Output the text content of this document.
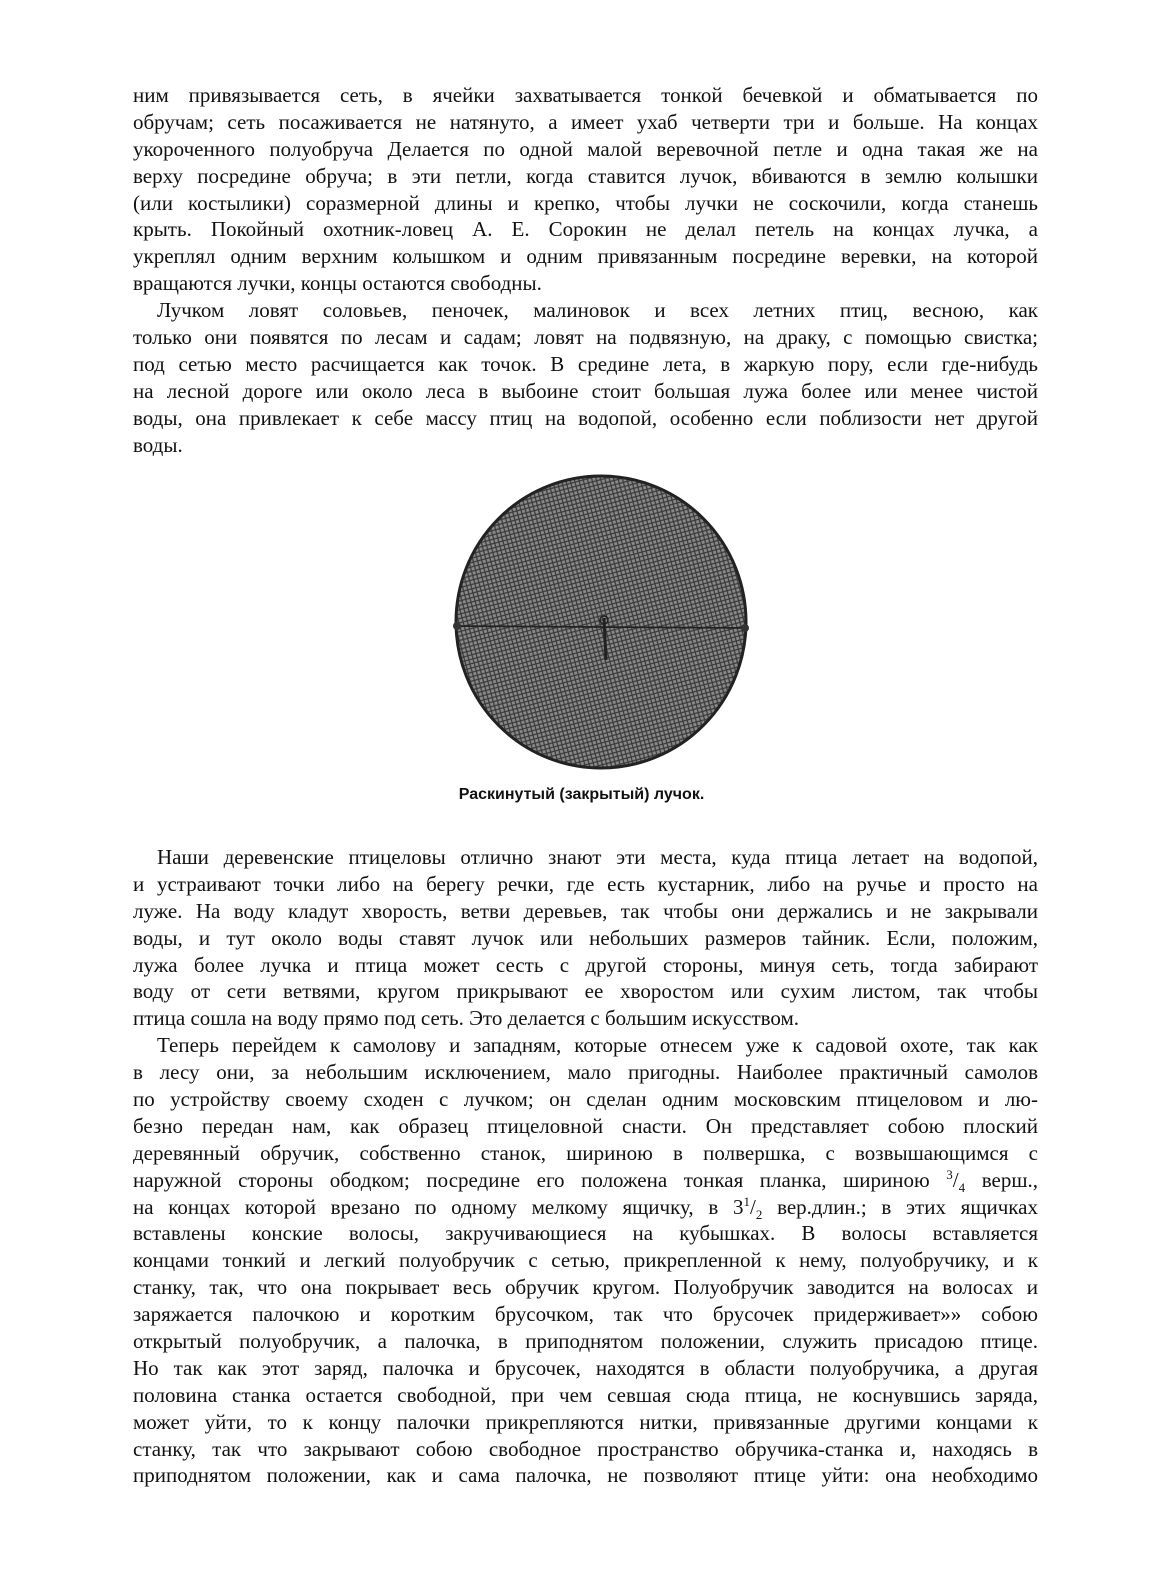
ним привязывается сеть, в ячейки захватывается тонкой бечевкой и обматывается по
обручам; сеть посаживается не натянуто, а имеет ухаб четверти три и больше. На концах
укороченного полуобруча Делается по одной малой веревочной петле и одна такая же на
верху посредине обруча; в эти петли, когда ставится лучок, вбиваются в землю колышки
(или костылики) соразмерной длины и крепко, чтобы лучки не соскочили, когда станешь
крыть. Покойный охотник-ловец А. Е. Сорокин не делал петель на концах лучка, а
укреплял одним верхним колышком и одним привязанным посредине веревки, на которой
вращаются лучки, концы остаются свободны.
Лучком ловят соловьев, пеночек, малиновок и всех летних птиц, весною, как
только они появятся по лесам и садам; ловят на подвязную, на драку, с помощью свистка;
под сетью место расчищается как точок. В средине лета, в жаркую пору, если где-нибудь
на лесной дороге или около леса в выбоине стоит большая лужа более или менее чистой
воды, она привлекает к себе массу птиц на водопой, особенно если поблизости нет другой
воды.
Раскинутый (закрытый) лучок.
Наши деревенские птицеловы отлично знают эти места, куда птица летает на водопой,
и устраивают точки либо на берегу речки, где есть кустарник, либо на ручье и просто на
луже. На воду кладут хворость, ветви деревьев, так чтобы они держались и не закрывали
воды, и тут около воды ставят лучок или небольших размеров тайник. Если, положим,
лужа более лучка и птица может сесть с другой стороны, минуя сеть, тогда забирают
воду от сети ветвями, кругом прикрывают ее хворостом или сухим листом, так чтобы
птица сошла на воду прямо под сеть. Это делается с большим искусством.
Теперь перейдем к самолову и западням, которые отнесем уже к садовой охоте, так как
в лесу они, за небольшим исключением, мало пригодны. Наиболее практичный самолов
по устройству своему сходен с лучком; он сделан одним московским птицеловом и лю-
безно передан нам, как образец птицеловной снасти. Он представляет собою плоский
деревянный обручик, собственно станок, шириною в полвершка, с возвышающимся с
наружной стороны ободком; посредине его положена тонкая планка, шириною $^3/_4$ верш.,
на концах которой врезано по одному мелкому ящичку, в $3^1/_2$ вер.длин.; в этих ящичках
вставлены конские волосы, закручивающиеся на кубышках. В волосы вставляется
концами тонкий и легкий полуобручик с сетью, прикрепленной к нему, полуобручику, и к
станку, так, что она покрывает весь обручик кругом. Полуобручик заводится на волосах и
заряжается палочкою и коротким брусочком, так что брусочек придерживает»» собою
открытый полуобручик, а палочка, в приподнятом положении, служить присадою птице.
Но так как этот заряд, палочка и брусочек, находятся в области полуобручика, а другая
половина станка остается свободной, при чем севшая сюда птица, не коснувшись заряда,
может уйти, то к концу палочки прикрепляются нитки, привязанные другими концами к
станку, так что закрывают собою свободное пространство обручика-станка и, находясь в
приподнятом положении, как и сама палочка, не позволяют птице уйти: она необходимо
